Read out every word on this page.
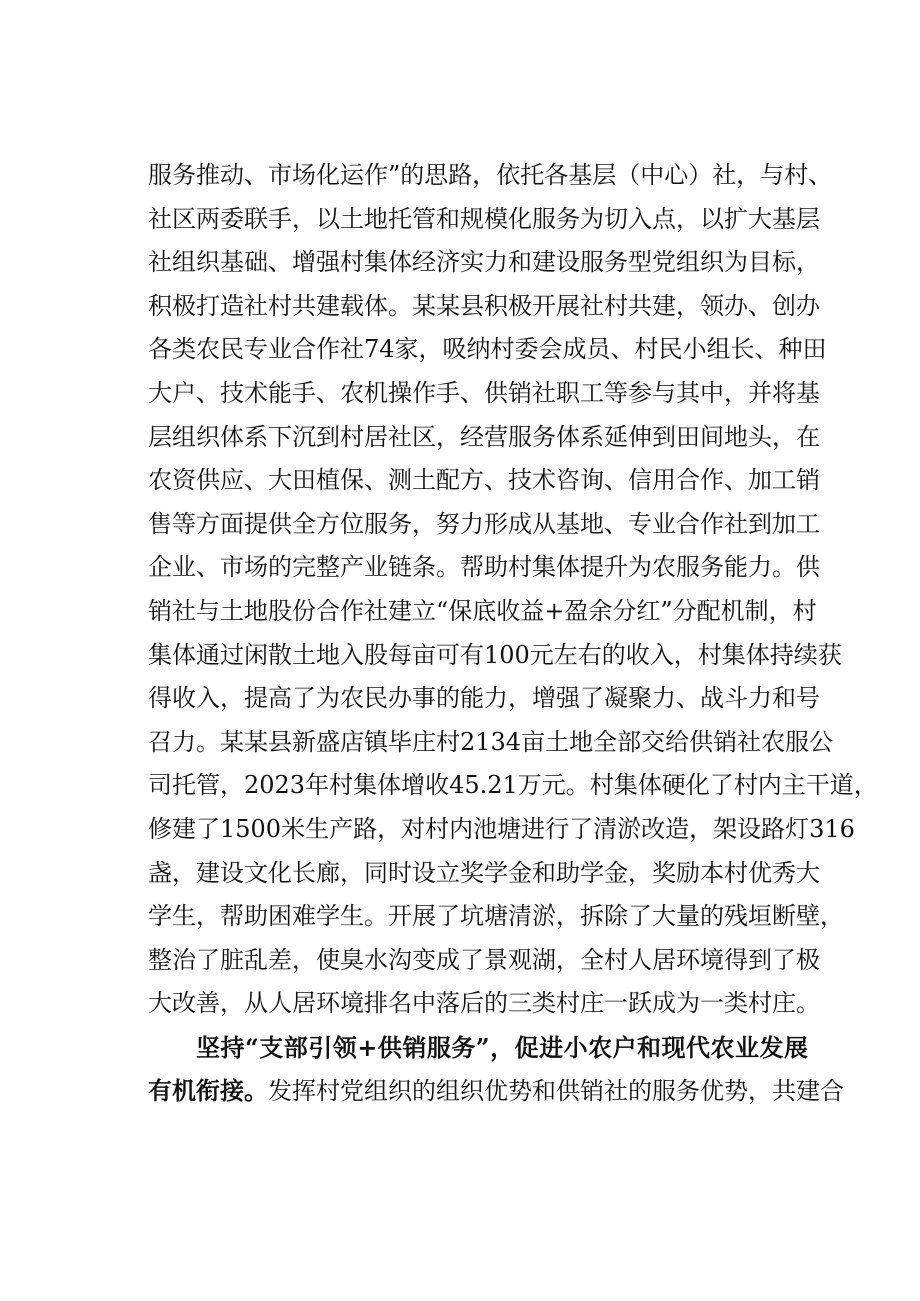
服务推动、市场化运作”的思路，依托各基层（中心）社，与村、
社区两委联手，以土地托管和规模化服务为切入点，以扩大基层
社组织基础、增强村集体经济实力和建设服务型党组织为目标，
积极打造社村共建载体。某某县积极开展社村共建，领办、创办
各类农民专业合作社74家，吸纳村委会成员、村民小组长、种田
大户、技术能手、农机操作手、供销社职工等参与其中，并将基
层组织体系下沉到村居社区，经营服务体系延伸到田间地头，在
农资供应、大田植保、测土配方、技术咨询、信用合作、加工销
售等方面提供全方位服务，努力形成从基地、专业合作社到加工
企业、市场的完整产业链条。帮助村集体提升为农服务能力。供
销社与土地股份合作社建立“保底收益+盈余分红”分配机制，村
集体通过闲散土地入股每亩可有100元左右的收入，村集体持续获
得收入，提高了为农民办事的能力，增强了凝聚力、战斗力和号
召力。某某县新盛店镇毕庄村2134亩土地全部交给供销社农服公
司托管，2023年村集体增收45.21万元。村集体硬化了村内主干道，
修建了1500米生产路，对村内池塘进行了清淤改造，架设路灯316
盏，建设文化长廊，同时设立奖学金和助学金，奖励本村优秀大
学生，帮助困难学生。开展了坑塘清淤，拆除了大量的残垣断壁，
整治了脏乱差，使臭水沟变成了景观湖，全村人居环境得到了极
大改善，从人居环境排名中落后的三类村庄一跃成为一类村庄。
坚持“支部引领+供销服务”，促进小农户和现代农业发展
有机衔接。发挥村党组织的组织优势和供销社的服务优势，共建合
